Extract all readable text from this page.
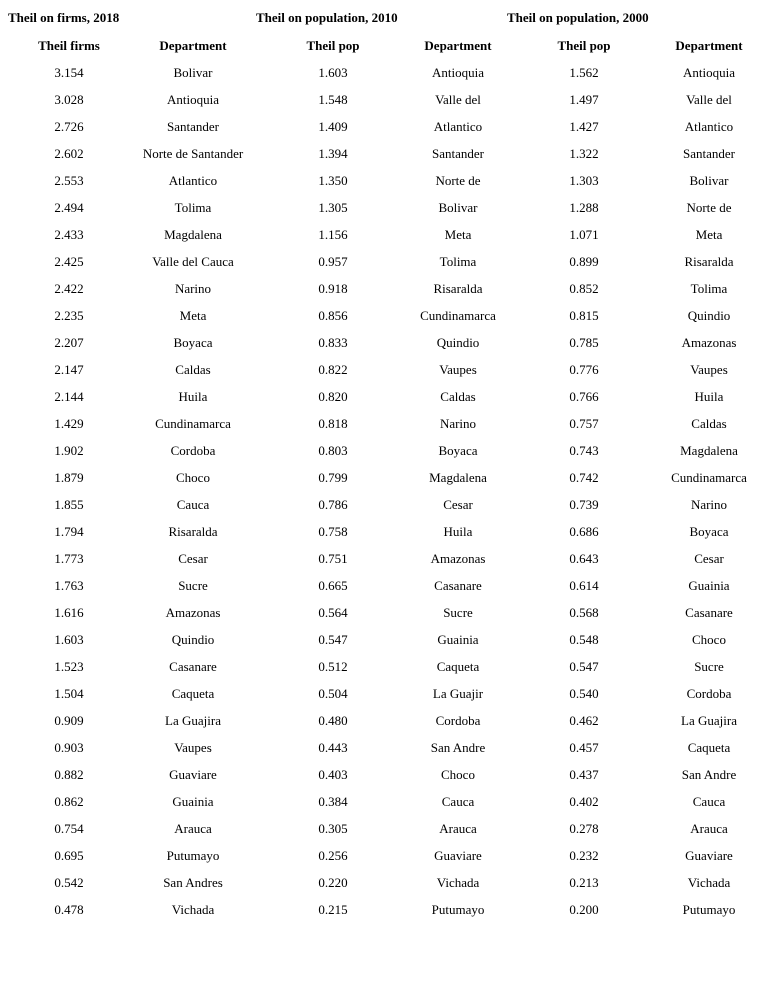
Theil on firms, 2018	Theil on population, 2010	Theil on population, 2000
Theil firms	Department	Theil pop	Department	Theil pop	Department
3.154	Bolivar	1.603	Antioquia	1.562	Antioquia
3.028	Antioquia	1.548	Valle del	1.497	Valle del
2.726	Santander	1.409	Atlantico	1.427	Atlantico
2.602	Norte de Santander	1.394	Santander	1.322	Santander
2.553	Atlantico	1.350	Norte de	1.303	Bolivar
2.494	Tolima	1.305	Bolivar	1.288	Norte de
2.433	Magdalena	1.156	Meta	1.071	Meta
2.425	Valle del Cauca	0.957	Tolima	0.899	Risaralda
2.422	Narino	0.918	Risaralda	0.852	Tolima
2.235	Meta	0.856	Cundinamarca	0.815	Quindio
2.207	Boyaca	0.833	Quindio	0.785	Amazonas
2.147	Caldas	0.822	Vaupes	0.776	Vaupes
2.144	Huila	0.820	Caldas	0.766	Huila
1.429	Cundinamarca	0.818	Narino	0.757	Caldas
1.902	Cordoba	0.803	Boyaca	0.743	Magdalena
1.879	Choco	0.799	Magdalena	0.742	Cundinamarca
1.855	Cauca	0.786	Cesar	0.739	Narino
1.794	Risaralda	0.758	Huila	0.686	Boyaca
1.773	Cesar	0.751	Amazonas	0.643	Cesar
1.763	Sucre	0.665	Casanare	0.614	Guainia
1.616	Amazonas	0.564	Sucre	0.568	Casanare
1.603	Quindio	0.547	Guainia	0.548	Choco
1.523	Casanare	0.512	Caqueta	0.547	Sucre
1.504	Caqueta	0.504	La Guajir	0.540	Cordoba
0.909	La Guajira	0.480	Cordoba	0.462	La Guajira
0.903	Vaupes	0.443	San Andre	0.457	Caqueta
0.882	Guaviare	0.403	Choco	0.437	San Andre
0.862	Guainia	0.384	Cauca	0.402	Cauca
0.754	Arauca	0.305	Arauca	0.278	Arauca
0.695	Putumayo	0.256	Guaviare	0.232	Guaviare
0.542	San Andres	0.220	Vichada	0.213	Vichada
0.478	Vichada	0.215	Putumayo	0.200	Putumayo
